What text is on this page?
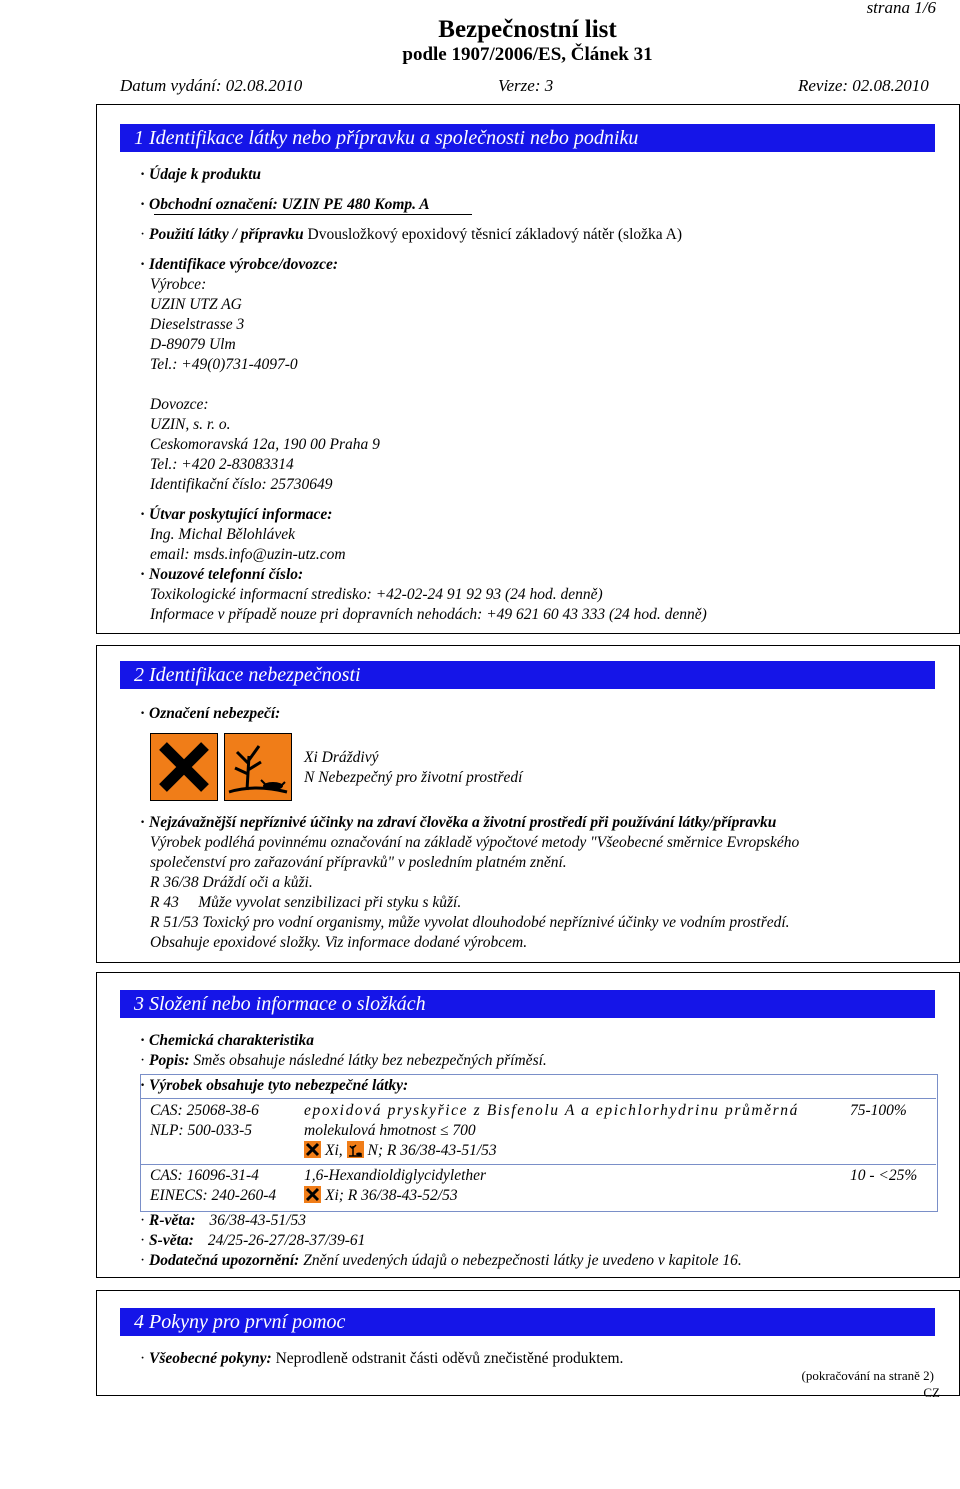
strana 1/6
Bezpečnostní list
podle 1907/2006/ES, Článek 31
Datum vydání: 02.08.2010	Verze: 3	Revize: 02.08.2010
1 Identifikace látky nebo přípravku a společnosti nebo podniku
· Údaje k produktu
· Obchodní označení: UZIN PE 480 Komp. A
· Použití látky / přípravku Dvousložkový epoxidový těsnicí základový nátěr (složka A)
· Identifikace výrobce/dovozce:
Výrobce:
UZIN UTZ AG
Dieselstrasse 3
D-89079 Ulm
Tel.: +49(0)731-4097-0
Dovozce:
UZIN, s. r. o.
Ceskomoravská 12a, 190 00 Praha 9
Tel.: +420 2-83083314
Identifikační číslo: 25730649
· Útvar poskytující informace:
Ing. Michal Bělohlávek
email: msds.info@uzin-utz.com
· Nouzové telefonní číslo:
Toxikologické informacní stredisko: +42-02-24 91 92 93 (24 hod. denně)
Informace v případě nouze pri dopravních nehodách: +49 621 60 43 333 (24 hod. denně)
2 Identifikace nebezpečnosti
· Označení nebezpečí:
Xi Dráždivý
N Nebezpečný pro životní prostředí
· Nejzávažnější nepříznivé účinky na zdraví člověka a životní prostředí při používání látky/přípravku
Výrobek podléhá povinnému označování na základě výpočtové metody "Všeobecné směrnice Evropského
společenství pro zařazování přípravků" v posledním platném znění.
R 36/38 Dráždí oči a kůži.
R 43     Může vyvolat senzibilizaci při styku s kůží.
R 51/53 Toxický pro vodní organismy, může vyvolat dlouhodobé nepříznivé účinky ve vodním prostředí.
Obsahuje epoxidové složky. Viz informace dodané výrobcem.
3 Složení nebo informace o složkách
· Chemická charakteristika
· Popis: Směs obsahuje následné látky bez nebezpečných příměsí.
· Výrobek obsahuje tyto nebezpečné látky:
CAS: 25068-38-6
NLP: 500-033-5
epoxidová pryskyřice z Bisfenolu A a epichlorhydrinu průměrná
molekulová hmotnost ≤ 700
Xi, N; R 36/38-43-51/53
75-100%
CAS: 16096-31-4
EINECS: 240-260-4
1,6-Hexandioldiglycidylether
Xi; R 36/38-43-52/53
10 - <25%
· R-věta: 36/38-43-51/53
· S-věta: 24/25-26-27/28-37/39-61
· Dodatečná upozornění: Znění uvedených údajů o nebezpečnosti látky je uvedeno v kapitole 16.
4 Pokyny pro první pomoc
· Všeobecné pokyny: Neprodleně odstranit části oděvů znečistěné produktem.
(pokračování na straně 2)
CZ
